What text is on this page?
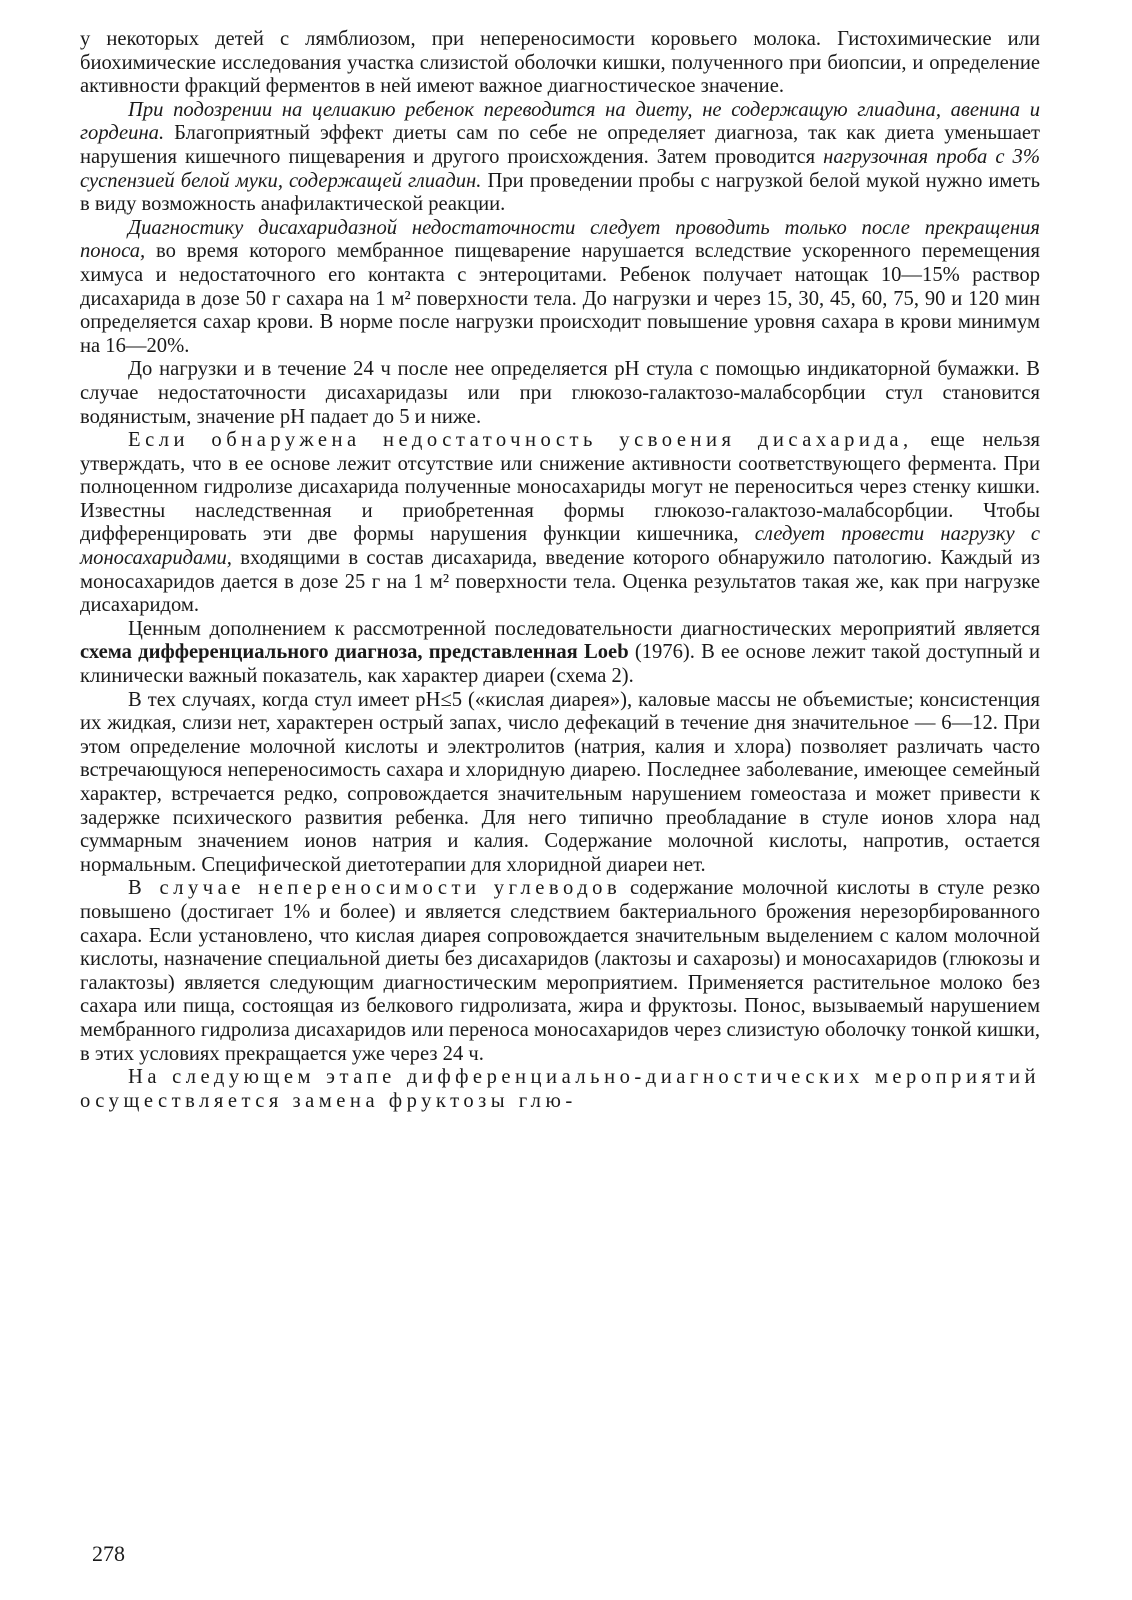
у некоторых детей с лямблиозом, при непереносимости коровьего молока. Гистохимические или биохимические исследования участка слизистой оболочки кишки, полученного при биопсии, и определение активности фракций ферментов в ней имеют важное диагностическое значение.

При подозрении на целиакию ребенок переводится на диету, не содержащую глиадина, авенина и гордеина. Благоприятный эффект диеты сам по себе не определяет диагноза, так как диета уменьшает нарушения кишечного пищеварения и другого происхождения. Затем проводится нагрузочная проба с 3% суспензией белой муки, содержащей глиадин. При проведении пробы с нагрузкой белой мукой нужно иметь в виду возможность анафилактической реакции.

Диагностику дисахаридазной недостаточности следует проводить только после прекращения поноса, во время которого мембранное пищеварение нарушается вследствие ускоренного перемещения химуса и недостаточного его контакта с энтероцитами. Ребенок получает натощак 10—15% раствор дисахарида в дозе 50 г сахара на 1 м² поверхности тела. До нагрузки и через 15, 30, 45, 60, 75, 90 и 120 мин определяется сахар крови. В норме после нагрузки происходит повышение уровня сахара в крови минимум на 16—20%.

До нагрузки и в течение 24 ч после нее определяется pH стула с помощью индикаторной бумажки. В случае недостаточности дисахаридазы или при глюкозо-галактозо-малабсорбции стул становится водянистым, значение pH падает до 5 и ниже.

Если обнаружена недостаточность усвоения дисахарида, еще нельзя утверждать, что в ее основе лежит отсутствие или снижение активности соответствующего фермента. При полноценном гидролизе дисахарида полученные моносахариды могут не переноситься через стенку кишки. Известны наследственная и приобретенная формы глюкозо-галактозо-малабсорбции. Чтобы дифференцировать эти две формы нарушения функции кишечника, следует провести нагрузку с моносахаридами, входящими в состав дисахарида, введение которого обнаружило патологию. Каждый из моносахаридов дается в дозе 25 г на 1 м² поверхности тела. Оценка результатов такая же, как при нагрузке дисахаридом.

Ценным дополнением к рассмотренной последовательности диагностических мероприятий является схема дифференциального диагноза, представленная Loeb (1976). В ее основе лежит такой доступный и клинически важный показатель, как характер диареи (схема 2).

В тех случаях, когда стул имеет pH≤5 («кислая диарея»), каловые массы не объемистые; консистенция их жидкая, слизи нет, характерен острый запах, число дефекаций в течение дня значительное — 6—12. При этом определение молочной кислоты и электролитов (натрия, калия и хлора) позволяет различать часто встречающуюся непереносимость сахара и хлоридную диарею. Последнее заболевание, имеющее семейный характер, встречается редко, сопровождается значительным нарушением гомеостаза и может привести к задержке психического развития ребенка. Для него типично преобладание в стуле ионов хлора над суммарным значением ионов натрия и калия. Содержание молочной кислоты, напротив, остается нормальным. Специфической диетотерапии для хлоридной диареи нет.

В случае непереносимости углеводов содержание молочной кислоты в стуле резко повышено (достигает 1% и более) и является следствием бактериального брожения нерезорбированного сахара. Если установлено, что кислая диарея сопровождается значительным выделением с калом молочной кислоты, назначение специальной диеты без дисахаридов (лактозы и сахарозы) и моносахаридов (глюкозы и галактозы) является следующим диагностическим мероприятием. Применяется растительное молоко без сахара или пища, состоящая из белкового гидролизата, жира и фруктозы. Понос, вызываемый нарушением мембранного гидролиза дисахаридов или переноса моносахаридов через слизистую оболочку тонкой кишки, в этих условиях прекращается уже через 24 ч.

На следующем этапе дифференциально-диагностических мероприятий осуществляется замена фруктозы глю-

278
